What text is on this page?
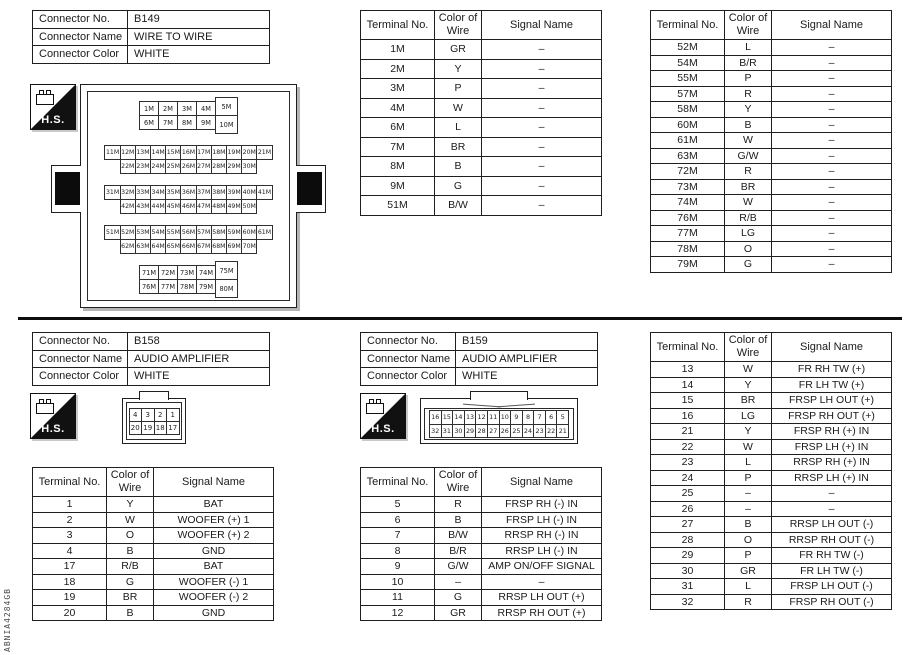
Connector No.	B149
Connector Name	WIRE TO WIRE
Connector Color	WHITE
H.S.
1M	2M	3M	4M
6M	7M	8M	9M
5M
10M
11M 12M 13M 14M 15M 16M 17M 18M 19M 20M 21M
22M 23M 24M 25M 26M 27M 28M 29M 30M
31M 32M 33M 34M 35M 36M 37M 38M 39M 40M 41M
42M 43M 44M 45M 46M 47M 48M 49M 50M
51M 52M 53M 54M 55M 56M 57M 58M 59M 60M 61M
62M 63M 64M 65M 66M 67M 68M 69M 70M
71M 72M 73M 74M
76M 77M 78M 79M
75M
80M
Terminal No.	Color of Wire	Signal Name
1M	GR	–
2M	Y	–
3M	P	–
4M	W	–
6M	L	–
7M	BR	–
8M	B	–
9M	G	–
51M	B/W	–
Terminal No.	Color of Wire	Signal Name
52M	L	–
54M	B/R	–
55M	P	–
57M	R	–
58M	Y	–
60M	B	–
61M	W	–
63M	G/W	–
72M	R	–
73M	BR	–
74M	W	–
76M	R/B	–
77M	LG	–
78M	O	–
79M	G	–
Connector No.	B158
Connector Name	AUDIO AMPLIFIER
Connector Color	WHITE
H.S.
4	3	2	1
20 19 18 17
Terminal No.	Color of Wire	Signal Name
1	Y	BAT
2	W	WOOFER (+) 1
3	O	WOOFER (+) 2
4	B	GND
17	R/B	BAT
18	G	WOOFER (-) 1
19	BR	WOOFER (-) 2
20	B	GND
Connector No.	B159
Connector Name	AUDIO AMPLIFIER
Connector Color	WHITE
H.S.
16 15 14 13 12 11 10 9	8	7	6	5
32 31 30 29 28 27 26 25 24 23 22 21
Terminal No.	Color of Wire	Signal Name
5	R	FRSP RH (-) IN
6	B	FRSP LH (-) IN
7	B/W	RRSP RH (-) IN
8	B/R	RRSP LH (-) IN
9	G/W	AMP ON/OFF SIGNAL
10	–	–
11	G	RRSP LH OUT (+)
12	GR	RRSP RH OUT (+)
Terminal No.	Color of Wire	Signal Name
13	W	FR RH TW (+)
14	Y	FR LH TW (+)
15	BR	FRSP LH OUT (+)
16	LG	FRSP RH OUT (+)
21	Y	FRSP RH (+) IN
22	W	FRSP LH (+) IN
23	L	RRSP RH (+) IN
24	P	RRSP LH (+) IN
25	–	–
26	–	–
27	B	RRSP LH OUT (-)
28	O	RRSP RH OUT (-)
29	P	FR RH TW (-)
30	GR	FR LH TW (-)
31	L	FRSP LH OUT (-)
32	R	FRSP RH OUT (-)
ABNIA4284GB
